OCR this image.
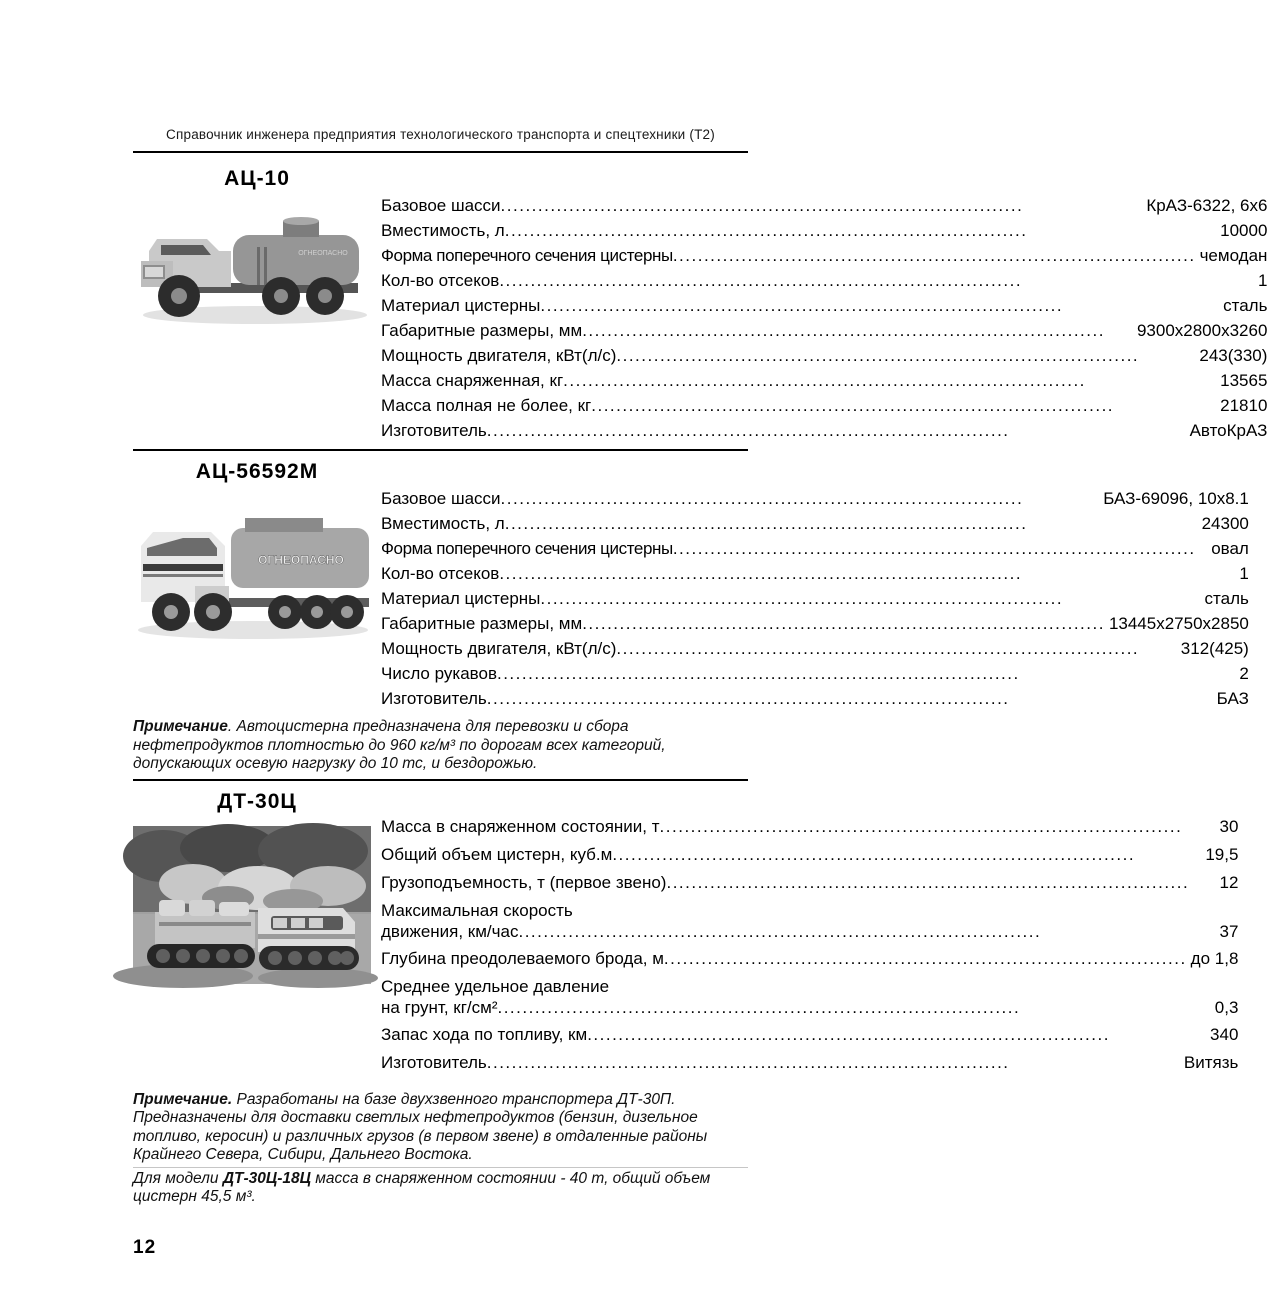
Справочник инженера предприятия технологического транспорта и спецтехники (Т2)
АЦ-10
ОГНЕОПАСНО
Базовое шасси .....	КрАЗ-6322, 6х6
Вместимость, л .....	10000
Форма поперечного сечения цистерны .....	чемодан
Кол-во отсеков .....	1
Материал цистерны .....	сталь
Габаритные размеры, мм .....	9300х2800х3260
Мощность двигателя, кВт(л/с) .....	243(330)
Масса снаряженная, кг .....	13565
Масса полная не более, кг .....	21810
Изготовитель .....	АвтоКрАЗ
АЦ-56592М
ОГНЕОПАСНО
Базовое шасси .....	БАЗ-69096, 10х8.1
Вместимость, л .....	24300
Форма поперечного сечения цистерны .....	овал
Кол-во отсеков .....	1
Материал цистерны .....	сталь
Габаритные размеры, мм .....	13445х2750х2850
Мощность двигателя, кВт(л/с) .....	312(425)
Число рукавов .....	2
Изготовитель .....	БАЗ
Примечание. Автоцистерна предназначена для перевозки и сбора нефтепродуктов плотностью до 960 кг/м³ по дорогам всех категорий, допускающих осевую нагрузку до 10 тс, и бездорожью.
ДТ-30Ц
Масса в снаряженном состоянии, т .....	30
Общий объем цистерн, куб.м .....	19,5
Грузоподъемность, т (первое звено) .....	12
Максимальная скорость
движения, км/час .....	37
Глубина преодолеваемого брода, м .....	до 1,8
Среднее удельное давление
на грунт, кг/см² .....	0,3
Запас хода по топливу, км .....	340
Изготовитель .....	Витязь
Примечание. Разработаны на базе двухзвенного транспортера ДТ-30П.
Предназначены для доставки светлых нефтепродуктов (бензин, дизельное топливо, керосин) и различных грузов (в первом звене) в отдаленные районы Крайнего Севера, Сибири, Дальнего Востока.
Для модели ДТ-30Ц-18Ц масса в снаряженном состоянии - 40 т, общий объем цистерн 45,5 м³.
12
